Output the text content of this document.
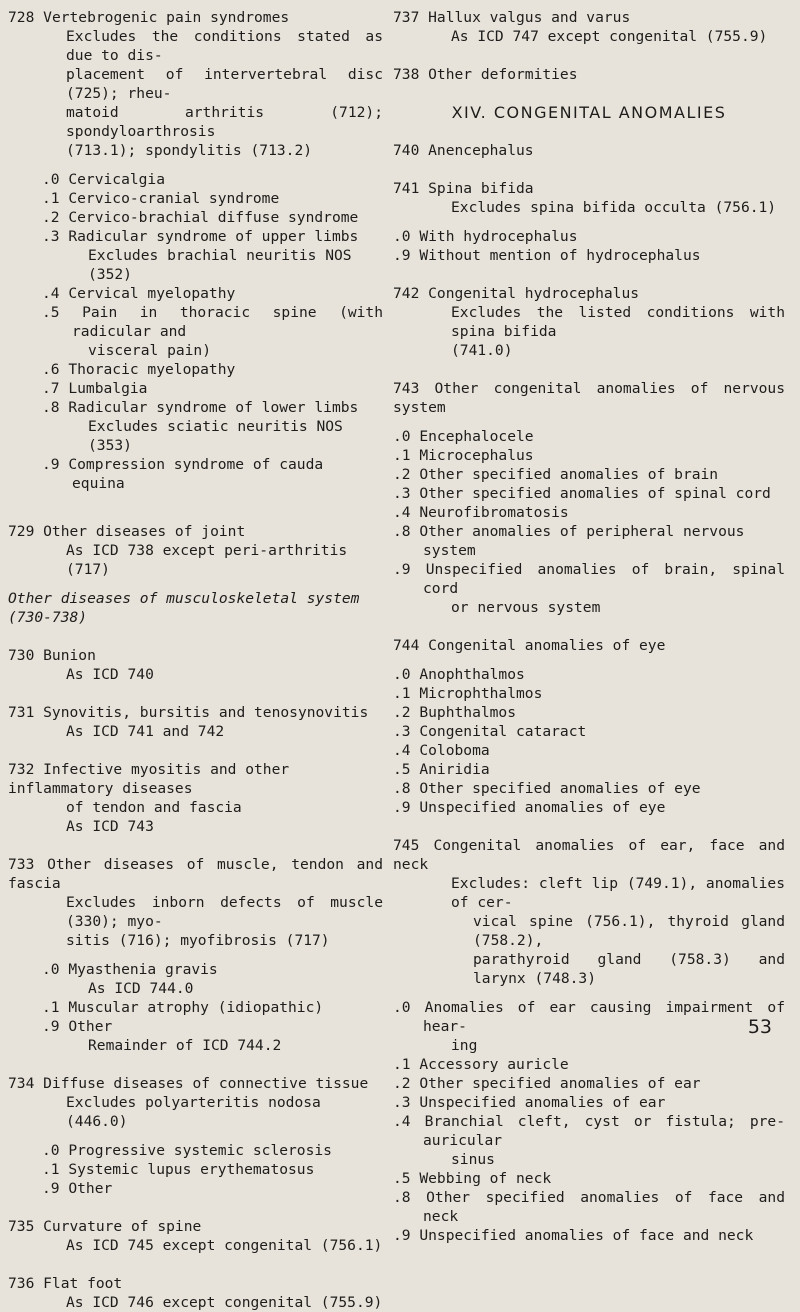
728 Vertebrogenic pain syndromes

Excludes the conditions stated as due to dis-

placement of intervertebral disc (725); rheu-

matoid arthritis (712); spondyloarthrosis

(713.1); spondylitis (713.2)

.0 Cervicalgia

.1 Cervico-cranial syndrome

.2 Cervico-brachial diffuse syndrome

.3 Radicular syndrome of upper limbs

Excludes brachial neuritis NOS (352)

.4 Cervical myelopathy

.5 Pain in thoracic spine (with radicular and

visceral pain)

.6 Thoracic myelopathy

.7 Lumbalgia

.8 Radicular syndrome of lower limbs

Excludes sciatic neuritis NOS (353)

.9 Compression syndrome of cauda equina

729 Other diseases of joint

As ICD 738 except peri-arthritis (717)

Other diseases of musculoskeletal system (730-738)

730 Bunion

As ICD 740

731 Synovitis, bursitis and tenosynovitis

As ICD 741 and 742

732 Infective myositis and other inflammatory diseases

of tendon and fascia

As ICD 743

733 Other diseases of muscle, tendon and fascia

Excludes inborn defects of muscle (330); myo-

sitis (716); myofibrosis (717)

.0 Myasthenia gravis

As ICD 744.0

.1 Muscular atrophy (idiopathic)

.9 Other

Remainder of ICD 744.2

734 Diffuse diseases of connective tissue

Excludes polyarteritis nodosa (446.0)

.0 Progressive systemic sclerosis

.1 Systemic lupus erythematosus

.9 Other

735 Curvature of spine

As ICD 745 except congenital (756.1)

736 Flat foot

As ICD 746 except congenital (755.9)

737 Hallux valgus and varus

As ICD 747 except congenital (755.9)

738 Other deformities

XIV. CONGENITAL ANOMALIES

740 Anencephalus

741 Spina bifida

Excludes spina bifida occulta (756.1)

.0 With hydrocephalus

.9 Without mention of hydrocephalus

742 Congenital hydrocephalus

Excludes the listed conditions with spina bifida

(741.0)

743 Other congenital anomalies of nervous system

.0 Encephalocele

.1 Microcephalus

.2 Other specified anomalies of brain

.3 Other specified anomalies of spinal cord

.4 Neurofibromatosis

.8 Other anomalies of peripheral nervous system

.9 Unspecified anomalies of brain, spinal cord

or nervous system

744 Congenital anomalies of eye

.0 Anophthalmos

.1 Microphthalmos

.2 Buphthalmos

.3 Congenital cataract

.4 Coloboma

.5 Aniridia

.8 Other specified anomalies of eye

.9 Unspecified anomalies of eye

745 Congenital anomalies of ear, face and neck

Excludes: cleft lip (749.1), anomalies of cer-

vical spine (756.1), thyroid gland (758.2),

parathyroid gland (758.3) and larynx (748.3)

.0 Anomalies of ear causing impairment of hear-

ing

.1 Accessory auricle

.2 Other specified anomalies of ear

.3 Unspecified anomalies of ear

.4 Branchial cleft, cyst or fistula; pre-auricular

sinus

.5 Webbing of neck

.8 Other specified anomalies of face and neck

.9 Unspecified anomalies of face and neck

53
